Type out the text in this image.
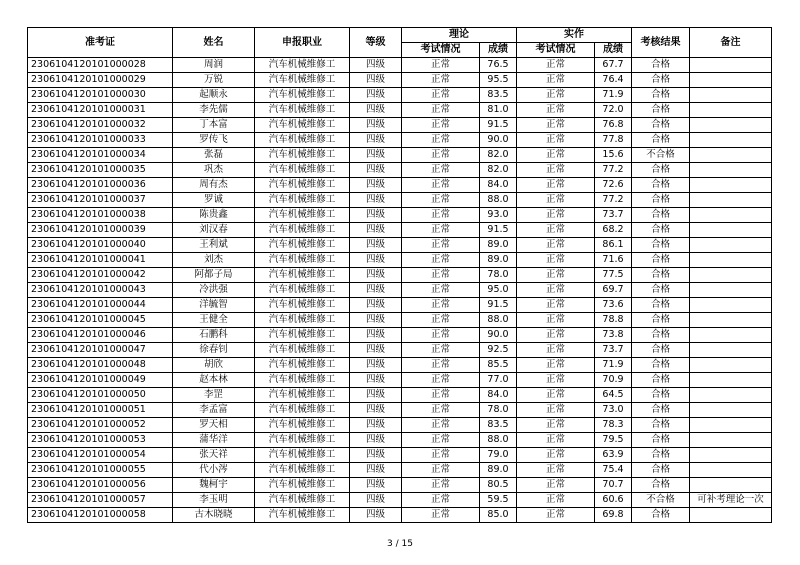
准考证	姓名	申报职业	等级	理论		实作		考核结果	备注
				考试情况	成绩	考试情况	成绩		
2306104120101000028	周润	汽车机械维修工	四级	正常	76.5	正常	67.7	合格	
2306104120101000029	万锐	汽车机械维修工	四级	正常	95.5	正常	76.4	合格	
2306104120101000030	起顺永	汽车机械维修工	四级	正常	83.5	正常	71.9	合格	
2306104120101000031	李先儒	汽车机械维修工	四级	正常	81.0	正常	72.0	合格	
2306104120101000032	丁本富	汽车机械维修工	四级	正常	91.5	正常	76.8	合格	
2306104120101000033	罗传飞	汽车机械维修工	四级	正常	90.0	正常	77.8	合格	
2306104120101000034	张磊	汽车机械维修工	四级	正常	82.0	正常	15.6	不合格	
2306104120101000035	巩杰	汽车机械维修工	四级	正常	82.0	正常	77.2	合格	
2306104120101000036	周有杰	汽车机械维修工	四级	正常	84.0	正常	72.6	合格	
2306104120101000037	罗诚	汽车机械维修工	四级	正常	88.0	正常	77.2	合格	
2306104120101000038	陈贵鑫	汽车机械维修工	四级	正常	93.0	正常	73.7	合格	
2306104120101000039	刘汉春	汽车机械维修工	四级	正常	91.5	正常	68.2	合格	
2306104120101000040	王利斌	汽车机械维修工	四级	正常	89.0	正常	86.1	合格	
2306104120101000041	刘杰	汽车机械维修工	四级	正常	89.0	正常	71.6	合格	
2306104120101000042	阿都子局	汽车机械维修工	四级	正常	78.0	正常	77.5	合格	
2306104120101000043	冷洪强	汽车机械维修工	四级	正常	95.0	正常	69.7	合格	
2306104120101000044	洋毓智	汽车机械维修工	四级	正常	91.5	正常	73.6	合格	
2306104120101000045	王健全	汽车机械维修工	四级	正常	88.0	正常	78.8	合格	
2306104120101000046	石鹏科	汽车机械维修工	四级	正常	90.0	正常	73.8	合格	
2306104120101000047	徐春钊	汽车机械维修工	四级	正常	92.5	正常	73.7	合格	
2306104120101000048	胡欣	汽车机械维修工	四级	正常	85.5	正常	71.9	合格	
2306104120101000049	赵本林	汽车机械维修工	四级	正常	77.0	正常	70.9	合格	
2306104120101000050	李罡	汽车机械维修工	四级	正常	84.0	正常	64.5	合格	
2306104120101000051	李孟富	汽车机械维修工	四级	正常	78.0	正常	73.0	合格	
2306104120101000052	罗天相	汽车机械维修工	四级	正常	83.5	正常	78.3	合格	
2306104120101000053	蒲华洋	汽车机械维修工	四级	正常	88.0	正常	79.5	合格	
2306104120101000054	张天祥	汽车机械维修工	四级	正常	79.0	正常	63.9	合格	
2306104120101000055	代小涔	汽车机械维修工	四级	正常	89.0	正常	75.4	合格	
2306104120101000056	魏柯宇	汽车机械维修工	四级	正常	80.5	正常	70.7	合格	
2306104120101000057	李玉明	汽车机械维修工	四级	正常	59.5	正常	60.6	不合格	可补考理论一次
2306104120101000058	古木晓晓	汽车机械维修工	四级	正常	85.0	正常	69.8	合格	
3 / 15
